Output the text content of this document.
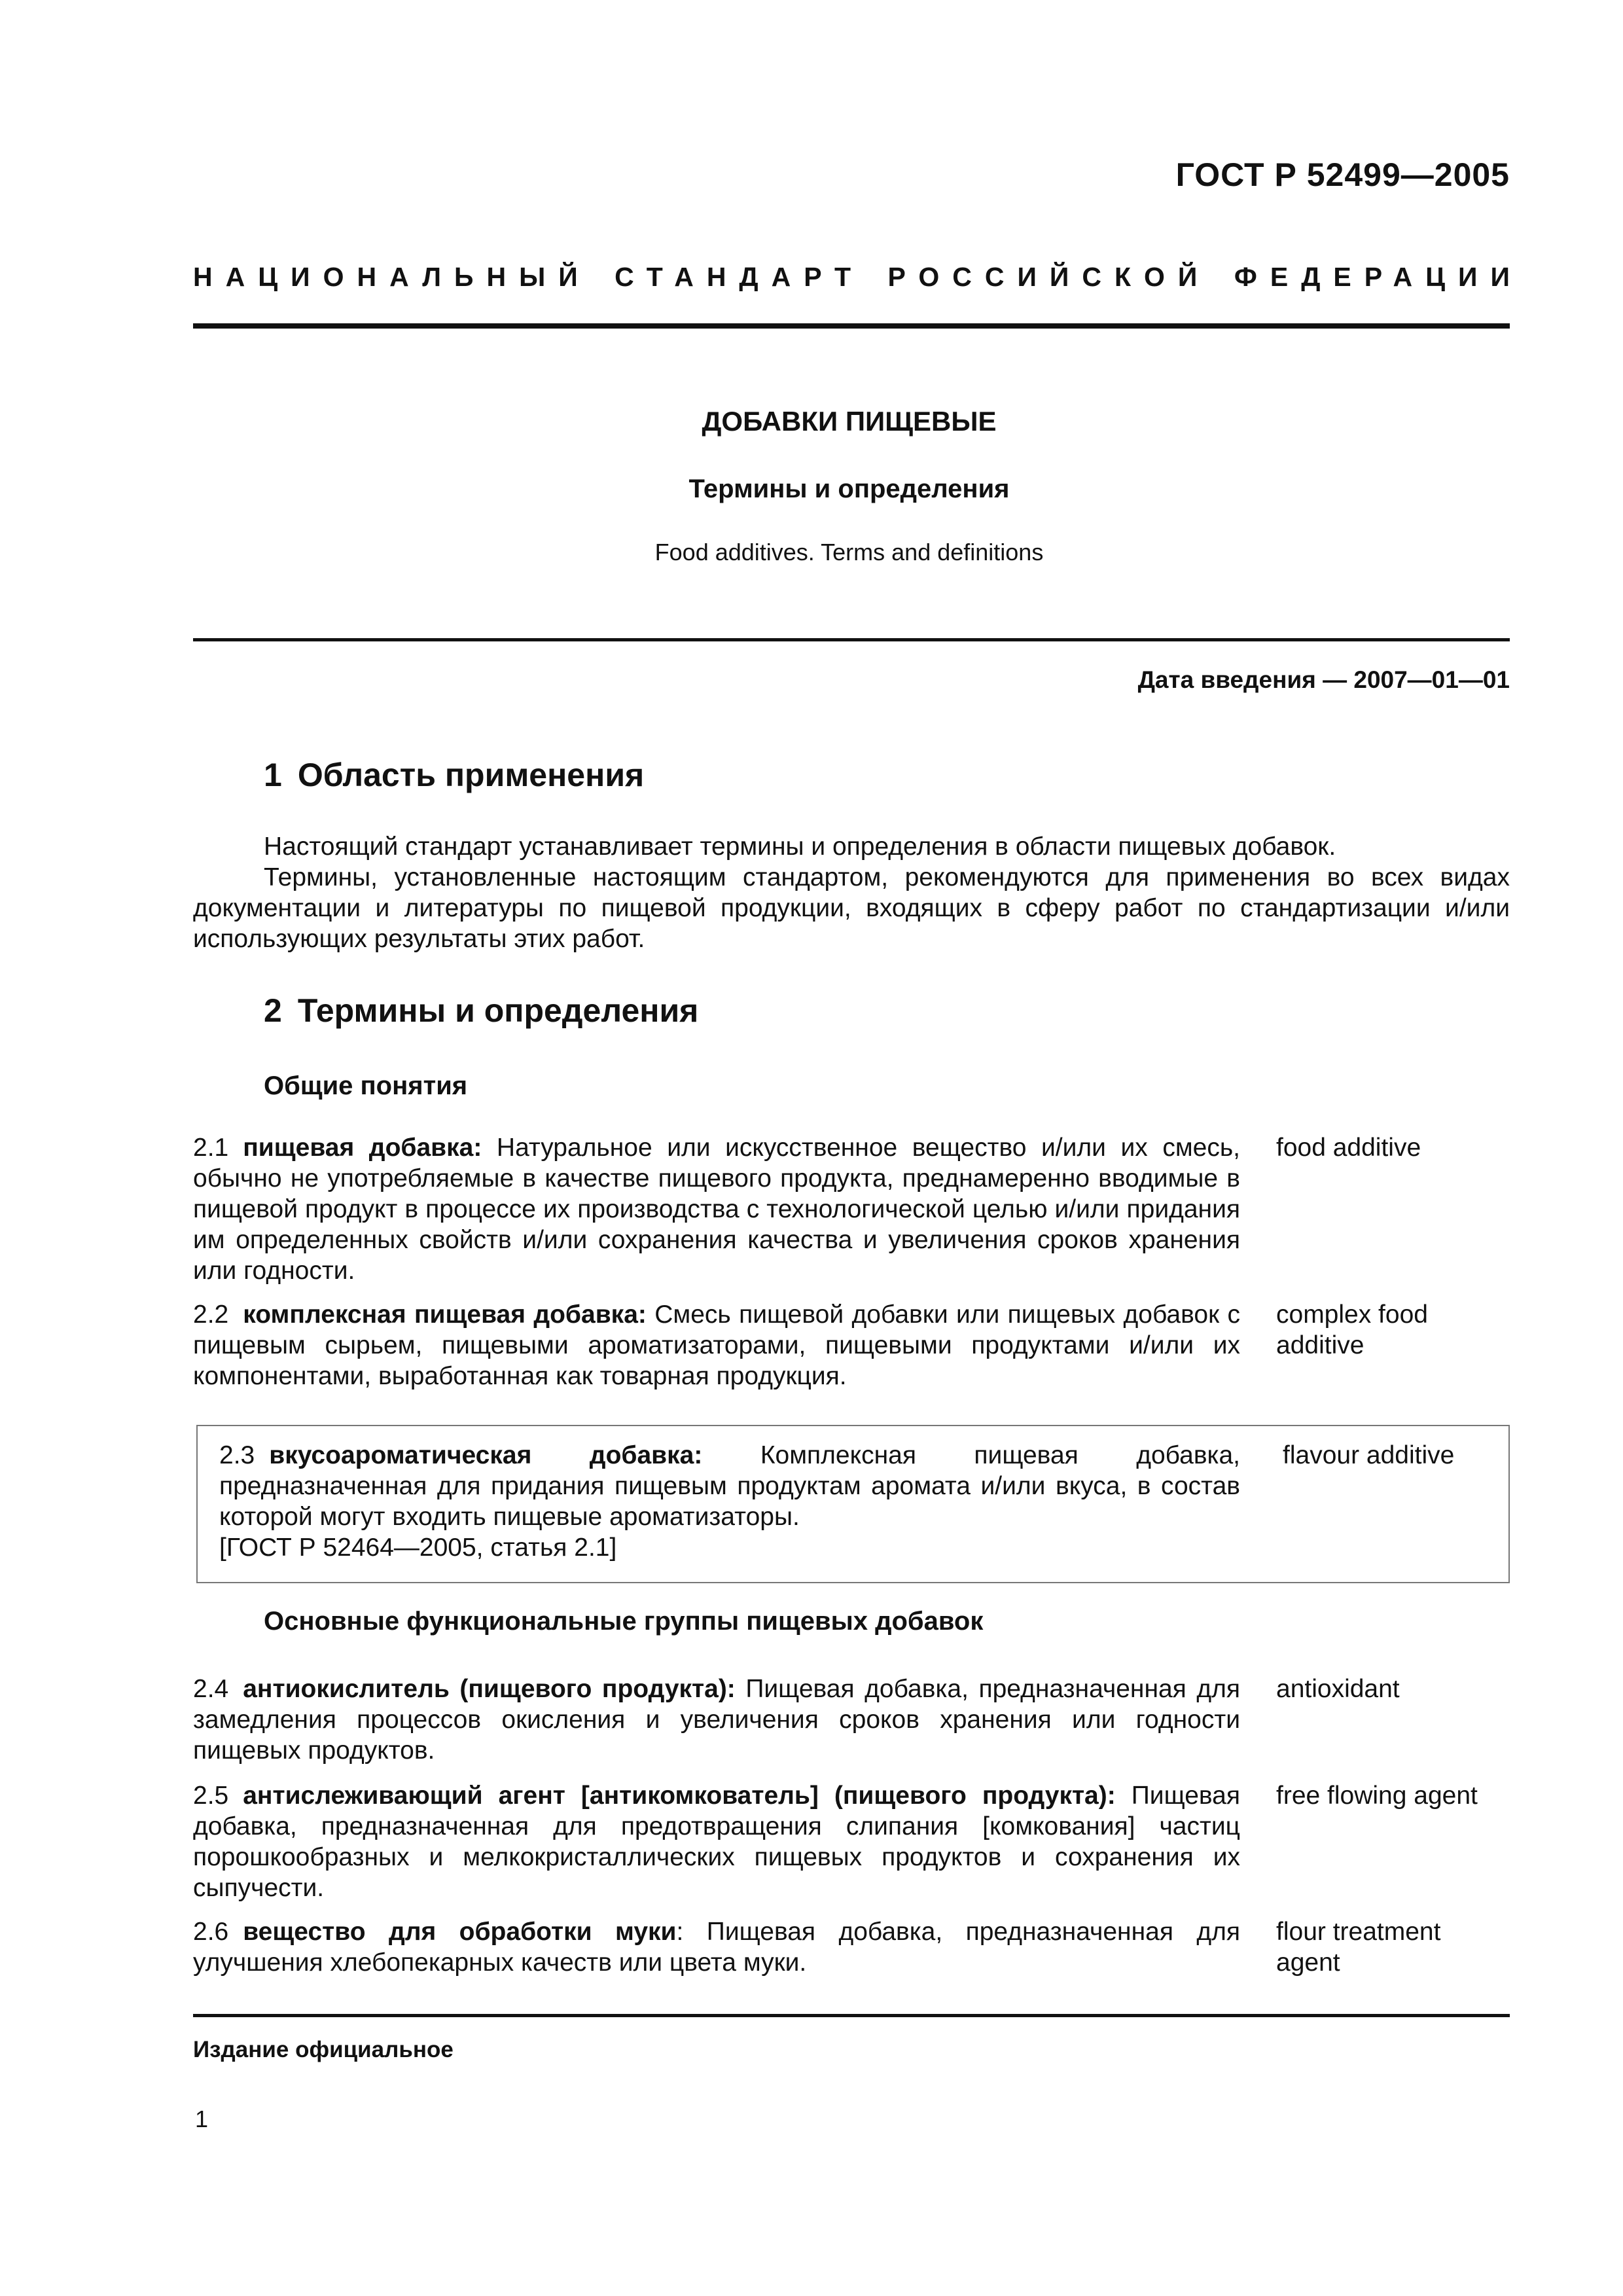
ГОСТ Р 52499—2005
НАЦИОНАЛЬНЫЙ СТАНДАРТ РОССИЙСКОЙ ФЕДЕРАЦИИ
ДОБАВКИ ПИЩЕВЫЕ
Термины и определения
Food additives. Terms and definitions
Дата введения — 2007—01—01
1 Область применения
Настоящий стандарт устанавливает термины и определения в области пищевых добавок.
Термины, установленные настоящим стандартом, рекомендуются для применения во всех видах документации и литературы по пищевой продукции, входящих в сферу работ по стандартизации и/или использующих результаты этих работ.
2 Термины и определения
Общие понятия
2.1 пищевая добавка: Натуральное или искусственное вещество и/или их смесь, обычно не употребляемые в качестве пищевого продукта, преднамеренно вводимые в пищевой продукт в процессе их производства с технологической целью и/или придания им определенных свойств и/или сохранения качества и увеличения сроков хранения или годности.
food additive
2.2 комплексная пищевая добавка: Смесь пищевой добавки или пищевых добавок с пищевым сырьем, пищевыми ароматизаторами, пищевыми продуктами и/или их компонентами, выработанная как товарная продукция.
complex food additive
2.3 вкусоароматическая добавка: Комплексная пищевая добавка, предназначенная для придания пищевым продуктам аромата и/или вкуса, в состав которой могут входить пищевые ароматизаторы.
[ГОСТ Р 52464—2005, статья 2.1]
flavour additive
Основные функциональные группы пищевых добавок
2.4 антиокислитель (пищевого продукта): Пищевая добавка, предназначенная для замедления процессов окисления и увеличения сроков хранения или годности пищевых продуктов.
antioxidant
2.5 антислеживающий агент [антикомкователь] (пищевого продукта): Пищевая добавка, предназначенная для предотвращения слипания [комкования] частиц порошкообразных и мелкокристаллических пищевых продуктов и сохранения их сыпучести.
free flowing agent
2.6 вещество для обработки муки: Пищевая добавка, предназначенная для улучшения хлебопекарных качеств или цвета муки.
flour treatment agent
Издание официальное
1
